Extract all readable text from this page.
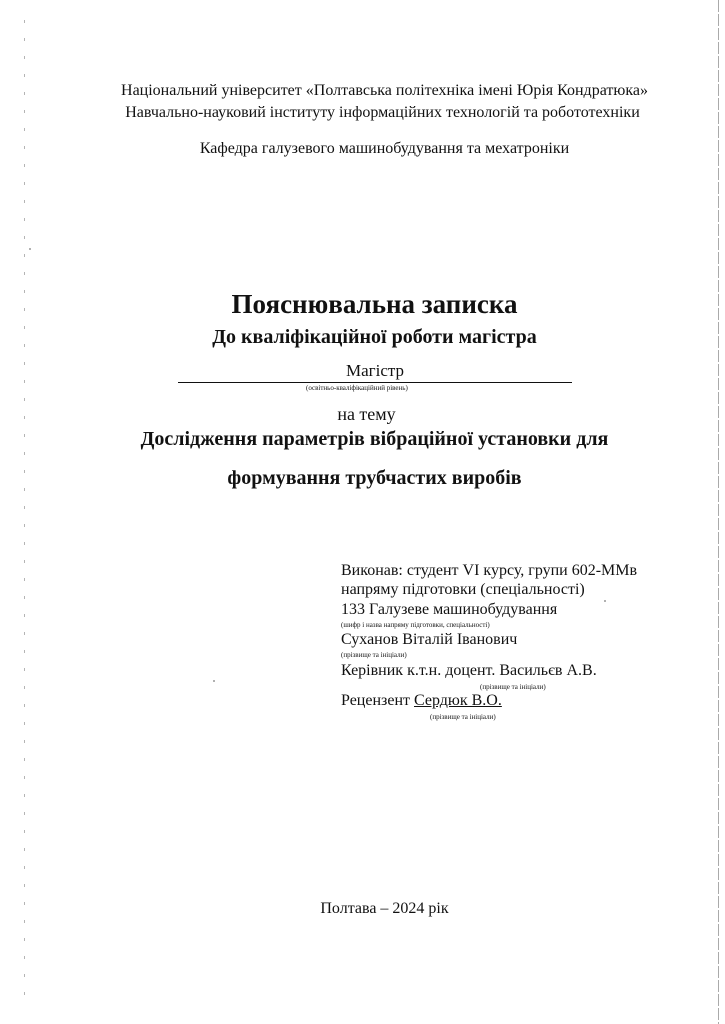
Національний університет «Полтавська політехніка імені Юрія Кондратюка»
Навчально-науковий інституту інформаційних технологій та робототехніки
Кафедра галузевого машинобудування та мехатроніки
Пояснювальна записка
До кваліфікаційної роботи магістра
Магістр
(освітньо-кваліфікаційний рівень)
на тему
Дослідження параметрів вібраційної установки для
формування трубчастих виробів
Виконав: студент VI курсу, групи 602-ММв
напряму підготовки (спеціальності)
133 Галузеве машинобудування
(шифр і назва напряму підготовки, спеціальності)
Суханов Віталій Іванович
(прізвище та ініціали)
Керівник к.т.н. доцент. Васильєв А.В.
(прізвище та ініціали)
Рецензент Сердюк В.О.
(прізвище та ініціали)
Полтава – 2024 рік
